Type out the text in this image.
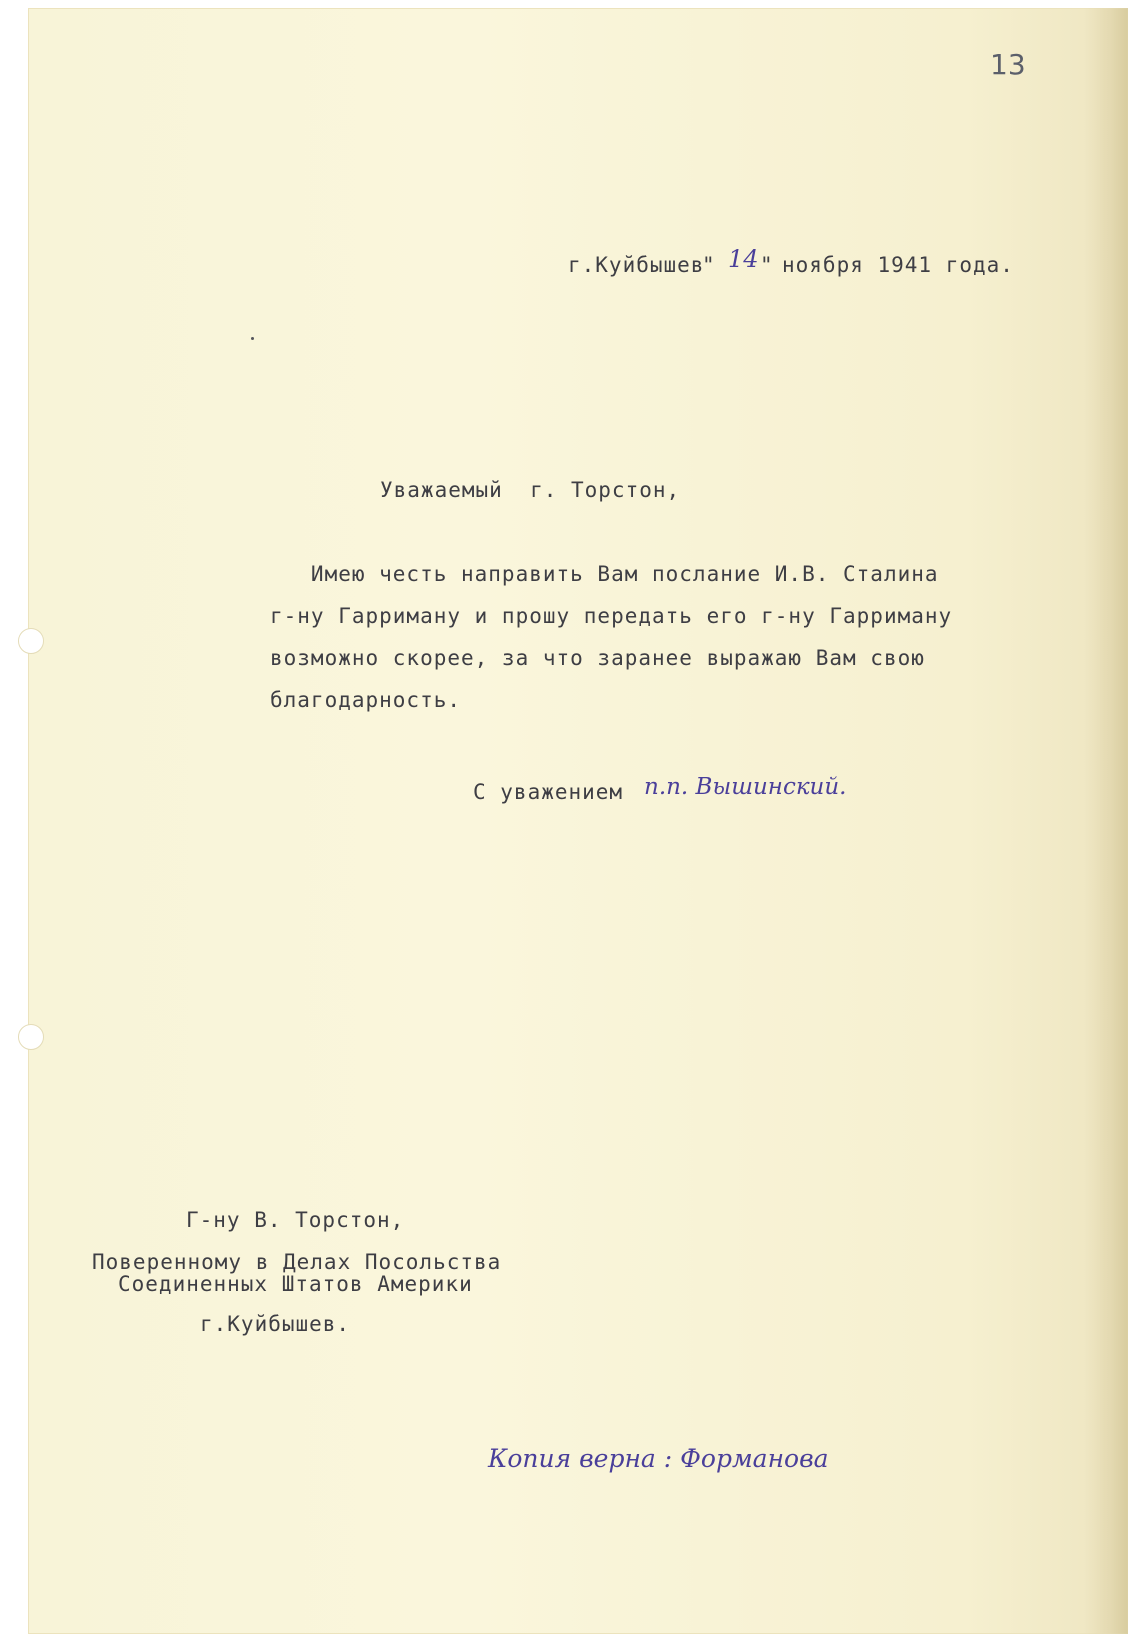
13
г.Куйбышев
" 14 " ноября 1941 года.

Уважаемый  г. Торстон,

Имею честь направить Вам послание И.В. Сталина

г-ну Гарриману и прошу передать его г-ну Гарриману

возможно скорее, за что заранее выражаю Вам свою

благодарность.

С уважением п.п. Вышинский.

Г-ну В. Торстон,

Поверенному в Делах Посольства

Соединенных Штатов Америки

г.Куйбышев.

Копия верна : Форманова
